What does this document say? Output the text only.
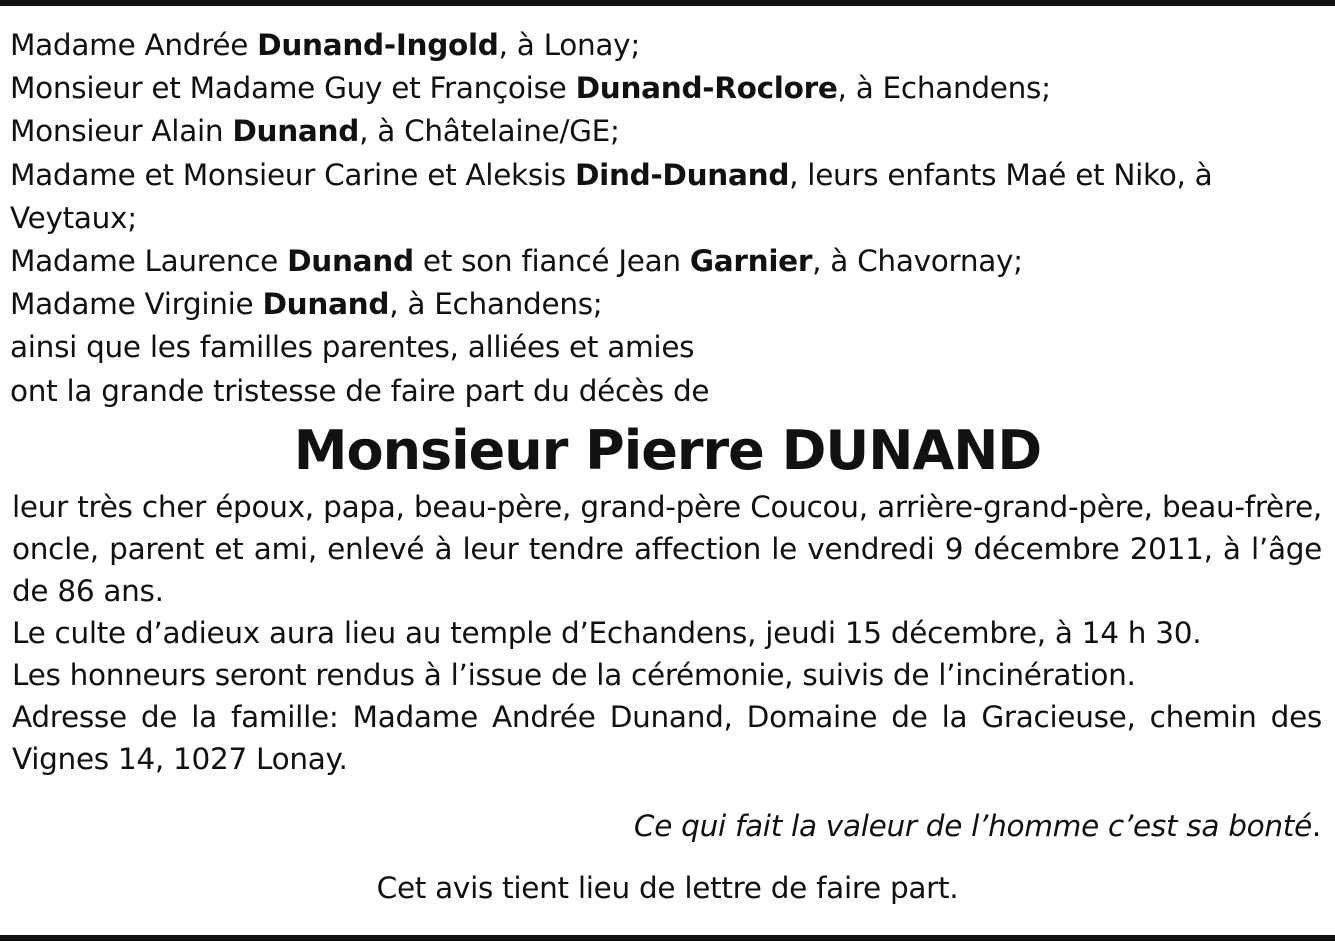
Madame Andrée Dunand-Ingold, à Lonay;
Monsieur et Madame Guy et Françoise Dunand-Roclore, à Echandens;
Monsieur Alain Dunand, à Châtelaine/GE;
Madame et Monsieur Carine et Aleksis Dind-Dunand, leurs enfants Maé et Niko, à Veytaux;
Madame Laurence Dunand et son fiancé Jean Garnier, à Chavornay;
Madame Virginie Dunand, à Echandens;
ainsi que les familles parentes, alliées et amies
ont la grande tristesse de faire part du décès de
Monsieur Pierre DUNAND

leur très cher époux, papa, beau-père, grand-père Coucou, arrière-grand-père, beau-frère, oncle, parent et ami, enlevé à leur tendre affection le vendredi 9 décembre 2011, à l’âge de 86 ans.

Le culte d’adieux aura lieu au temple d’Echandens, jeudi 15 décembre, à 14 h 30.

Les honneurs seront rendus à l’issue de la cérémonie, suivis de l’incinération.

Adresse de la famille: Madame Andrée Dunand, Domaine de la Gracieuse, chemin des Vignes 14, 1027 Lonay.

Ce qui fait la valeur de l’homme c’est sa bonté.
Cet avis tient lieu de lettre de faire part.
